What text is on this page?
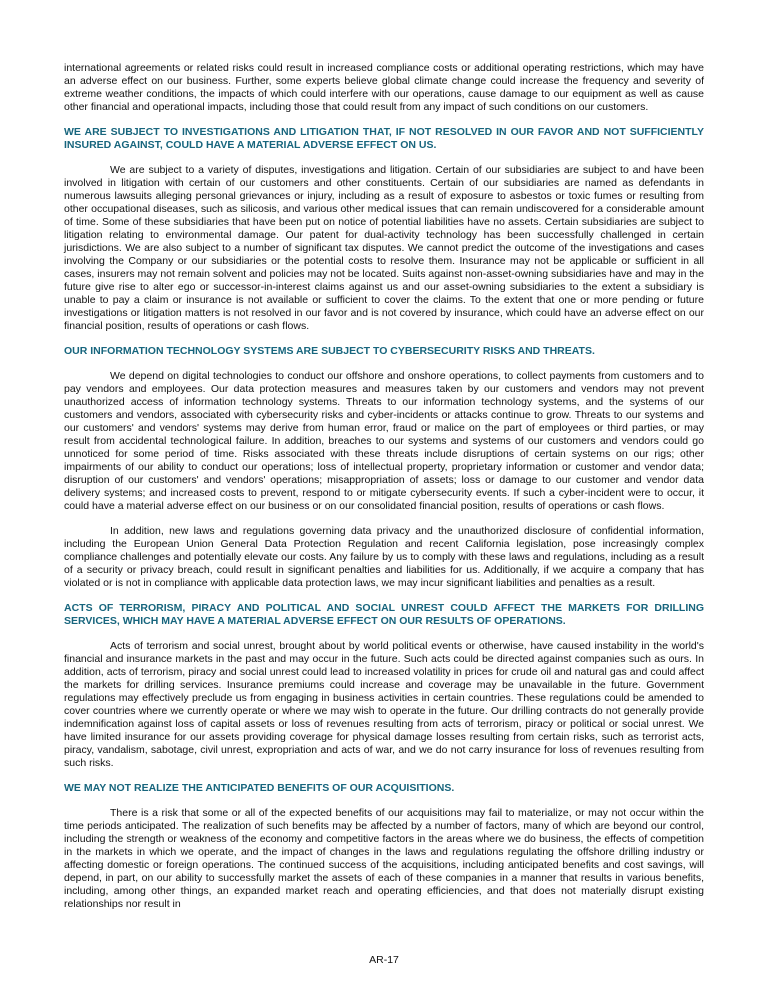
international agreements or related risks could result in increased compliance costs or additional operating restrictions, which may have an adverse effect on our business. Further, some experts believe global climate change could increase the frequency and severity of extreme weather conditions, the impacts of which could interfere with our operations, cause damage to our equipment as well as cause other financial and operational impacts, including those that could result from any impact of such conditions on our customers.

WE ARE SUBJECT TO INVESTIGATIONS AND LITIGATION THAT, IF NOT RESOLVED IN OUR FAVOR AND NOT SUFFICIENTLY INSURED AGAINST, COULD HAVE A MATERIAL ADVERSE EFFECT ON US.

We are subject to a variety of disputes, investigations and litigation. Certain of our subsidiaries are subject to and have been involved in litigation with certain of our customers and other constituents. Certain of our subsidiaries are named as defendants in numerous lawsuits alleging personal grievances or injury, including as a result of exposure to asbestos or toxic fumes or resulting from other occupational diseases, such as silicosis, and various other medical issues that can remain undiscovered for a considerable amount of time. Some of these subsidiaries that have been put on notice of potential liabilities have no assets. Certain subsidiaries are subject to litigation relating to environmental damage. Our patent for dual-activity technology has been successfully challenged in certain jurisdictions. We are also subject to a number of significant tax disputes. We cannot predict the outcome of the investigations and cases involving the Company or our subsidiaries or the potential costs to resolve them. Insurance may not be applicable or sufficient in all cases, insurers may not remain solvent and policies may not be located. Suits against non-asset-owning subsidiaries have and may in the future give rise to alter ego or successor-in-interest claims against us and our asset-owning subsidiaries to the extent a subsidiary is unable to pay a claim or insurance is not available or sufficient to cover the claims. To the extent that one or more pending or future investigations or litigation matters is not resolved in our favor and is not covered by insurance, which could have an adverse effect on our financial position, results of operations or cash flows.

OUR INFORMATION TECHNOLOGY SYSTEMS ARE SUBJECT TO CYBERSECURITY RISKS AND THREATS.

We depend on digital technologies to conduct our offshore and onshore operations, to collect payments from customers and to pay vendors and employees. Our data protection measures and measures taken by our customers and vendors may not prevent unauthorized access of information technology systems. Threats to our information technology systems, and the systems of our customers and vendors, associated with cybersecurity risks and cyber-incidents or attacks continue to grow. Threats to our systems and our customers' and vendors' systems may derive from human error, fraud or malice on the part of employees or third parties, or may result from accidental technological failure. In addition, breaches to our systems and systems of our customers and vendors could go unnoticed for some period of time. Risks associated with these threats include disruptions of certain systems on our rigs; other impairments of our ability to conduct our operations; loss of intellectual property, proprietary information or customer and vendor data; disruption of our customers' and vendors' operations; misappropriation of assets; loss or damage to our customer and vendor data delivery systems; and increased costs to prevent, respond to or mitigate cybersecurity events. If such a cyber-incident were to occur, it could have a material adverse effect on our business or on our consolidated financial position, results of operations or cash flows.

In addition, new laws and regulations governing data privacy and the unauthorized disclosure of confidential information, including the European Union General Data Protection Regulation and recent California legislation, pose increasingly complex compliance challenges and potentially elevate our costs. Any failure by us to comply with these laws and regulations, including as a result of a security or privacy breach, could result in significant penalties and liabilities for us. Additionally, if we acquire a company that has violated or is not in compliance with applicable data protection laws, we may incur significant liabilities and penalties as a result.

ACTS OF TERRORISM, PIRACY AND POLITICAL AND SOCIAL UNREST COULD AFFECT THE MARKETS FOR DRILLING SERVICES, WHICH MAY HAVE A MATERIAL ADVERSE EFFECT ON OUR RESULTS OF OPERATIONS.

Acts of terrorism and social unrest, brought about by world political events or otherwise, have caused instability in the world's financial and insurance markets in the past and may occur in the future. Such acts could be directed against companies such as ours. In addition, acts of terrorism, piracy and social unrest could lead to increased volatility in prices for crude oil and natural gas and could affect the markets for drilling services. Insurance premiums could increase and coverage may be unavailable in the future. Government regulations may effectively preclude us from engaging in business activities in certain countries. These regulations could be amended to cover countries where we currently operate or where we may wish to operate in the future. Our drilling contracts do not generally provide indemnification against loss of capital assets or loss of revenues resulting from acts of terrorism, piracy or political or social unrest. We have limited insurance for our assets providing coverage for physical damage losses resulting from certain risks, such as terrorist acts, piracy, vandalism, sabotage, civil unrest, expropriation and acts of war, and we do not carry insurance for loss of revenues resulting from such risks.

WE MAY NOT REALIZE THE ANTICIPATED BENEFITS OF OUR ACQUISITIONS.

There is a risk that some or all of the expected benefits of our acquisitions may fail to materialize, or may not occur within the time periods anticipated. The realization of such benefits may be affected by a number of factors, many of which are beyond our control, including the strength or weakness of the economy and competitive factors in the areas where we do business, the effects of competition in the markets in which we operate, and the impact of changes in the laws and regulations regulating the offshore drilling industry or affecting domestic or foreign operations. The continued success of the acquisitions, including anticipated benefits and cost savings, will depend, in part, on our ability to successfully market the assets of each of these companies in a manner that results in various benefits, including, among other things, an expanded market reach and operating efficiencies, and that does not materially disrupt existing relationships nor result in

AR-17
